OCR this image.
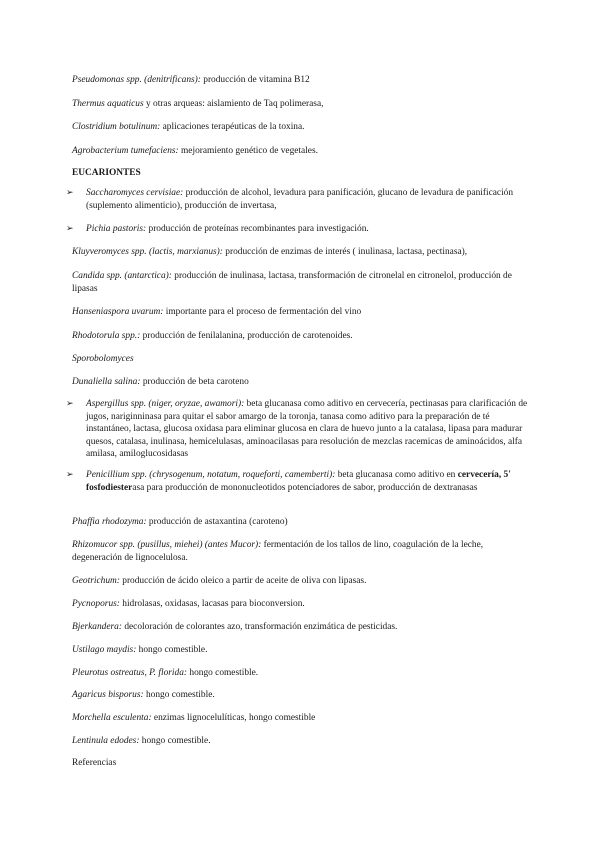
Pseudomonas spp. (denitrificans): producción de vitamina B12

Thermus aquaticus y otras arqueas: aislamiento de Taq polimerasa,

Clostridium botulinum: aplicaciones terapéuticas de la toxina.

Agrobacterium tumefaciens: mejoramiento genético de vegetales.

EUCARIONTES

➢ Saccharomyces cervisiae: producción de alcohol, levadura para panificación, glucano de levadura de panificación (suplemento alimenticio), producción de invertasa,

➢ Pichia pastoris: producción de proteínas recombinantes para investigación.

Kluyveromyces spp. (lactis, marxianus): producción de enzimas de interés ( inulinasa, lactasa, pectinasa),

Candida spp. (antarctica): producción de inulinasa, lactasa, transformación de citronelal en citronelol, producción de lipasas

Hanseniaspora uvarum: importante para el proceso de fermentación del vino

Rhodotorula spp.: producción de fenilalanina, producción de carotenoides.

Sporobolomyces

Dunaliella salina: producción de beta caroteno

➢ Aspergillus spp. (niger, oryzae, awamori): beta glucanasa como aditivo en cervecería, pectinasas para clarificación de jugos, nariginninasa para quitar el sabor amargo de la toronja, tanasa como aditivo para la preparación de té instantáneo, lactasa, glucosa oxidasa para eliminar glucosa en clara de huevo junto a la catalasa, lipasa para madurar quesos, catalasa, inulinasa, hemicelulasas, aminoacilasas para resolución de mezclas racemicas de aminoácidos, alfa amilasa, amiloglucosidasas

➢ Penicillium spp. (chrysogenum, notatum, roqueforti, camemberti): beta glucanasa como aditivo en cervecería, 5' fosfodiesterasa para producción de mononucleotidos potenciadores de sabor, producción de dextranasas

Phaffia rhodozyma: producción de astaxantina (caroteno)

Rhizomucor spp. (pusillus, miehei) (antes Mucor): fermentación de los tallos de lino, coagulación de la leche, degeneración de lignocelulosa.

Geotrichum: producción de ácido oleico a partir de aceite de oliva con lipasas.

Pycnoporus: hidrolasas, oxidasas, lacasas para bioconversion.

Bjerkandera: decoloración de colorantes azo, transformación enzimática de pesticidas.

Ustilago maydis: hongo comestible.

Pleurotus ostreatus, P. florida: hongo comestible.

Agaricus bisporus: hongo comestible.

Morchella esculenta: enzimas lignocelulíticas, hongo comestible

Lentinula edodes: hongo comestible.

Referencias
